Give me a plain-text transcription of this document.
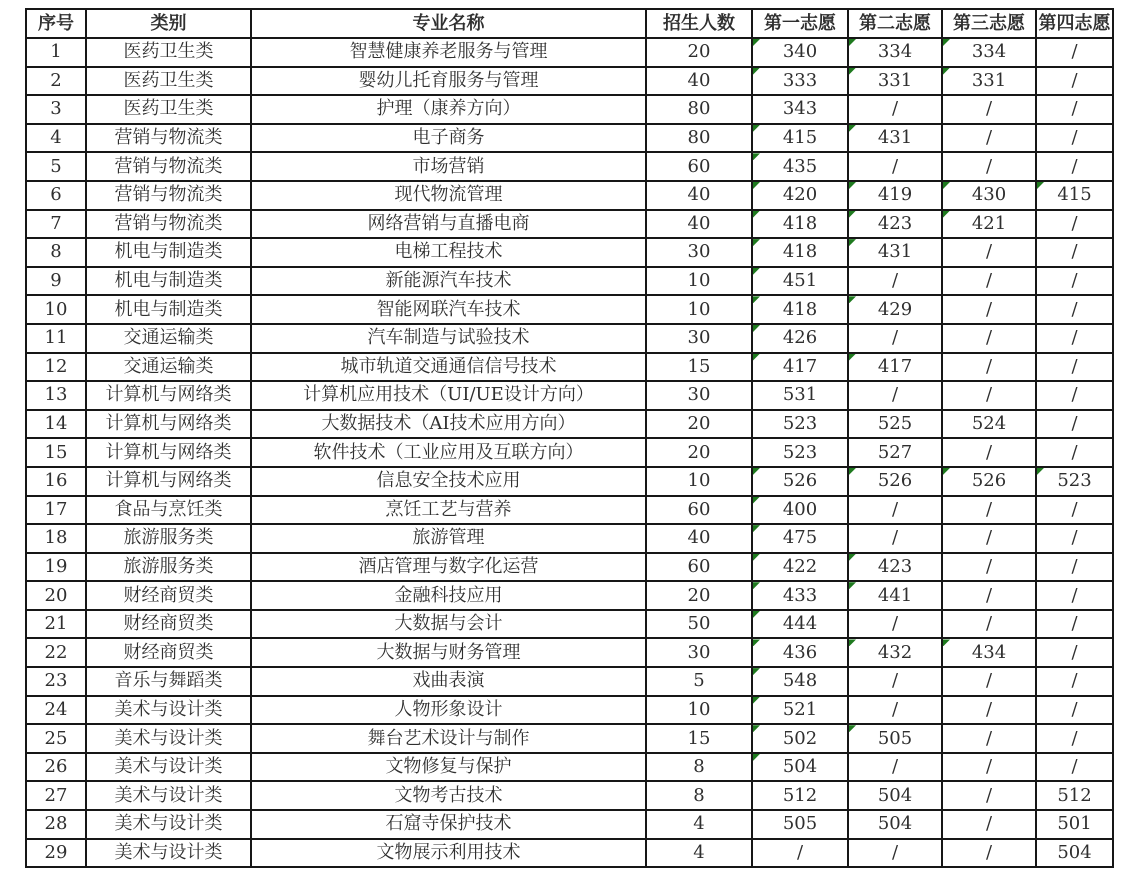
序号	类别	专业名称	招生人数	第一志愿	第二志愿	第三志愿	第四志愿
1	医药卫生类	智慧健康养老服务与管理	20	340	334	334	/
2	医药卫生类	婴幼儿托育服务与管理	40	333	331	331	/
3	医药卫生类	护理（康养方向）	80	343	/	/	/
4	营销与物流类	电子商务	80	415	431	/	/
5	营销与物流类	市场营销	60	435	/	/	/
6	营销与物流类	现代物流管理	40	420	419	430	415
7	营销与物流类	网络营销与直播电商	40	418	423	421	/
8	机电与制造类	电梯工程技术	30	418	431	/	/
9	机电与制造类	新能源汽车技术	10	451	/	/	/
10	机电与制造类	智能网联汽车技术	10	418	429	/	/
11	交通运输类	汽车制造与试验技术	30	426	/	/	/
12	交通运输类	城市轨道交通通信信号技术	15	417	417	/	/
13	计算机与网络类	计算机应用技术（UI/UE设计方向）	30	531	/	/	/
14	计算机与网络类	大数据技术（AI技术应用方向）	20	523	525	524	/
15	计算机与网络类	软件技术（工业应用及互联方向）	20	523	527	/	/
16	计算机与网络类	信息安全技术应用	10	526	526	526	523
17	食品与烹饪类	烹饪工艺与营养	60	400	/	/	/
18	旅游服务类	旅游管理	40	475	/	/	/
19	旅游服务类	酒店管理与数字化运营	60	422	423	/	/
20	财经商贸类	金融科技应用	20	433	441	/	/
21	财经商贸类	大数据与会计	50	444	/	/	/
22	财经商贸类	大数据与财务管理	30	436	432	434	/
23	音乐与舞蹈类	戏曲表演	5	548	/	/	/
24	美术与设计类	人物形象设计	10	521	/	/	/
25	美术与设计类	舞台艺术设计与制作	15	502	505	/	/
26	美术与设计类	文物修复与保护	8	504	/	/	/
27	美术与设计类	文物考古技术	8	512	504	/	512
28	美术与设计类	石窟寺保护技术	4	505	504	/	501
29	美术与设计类	文物展示利用技术	4	/	/	/	504
